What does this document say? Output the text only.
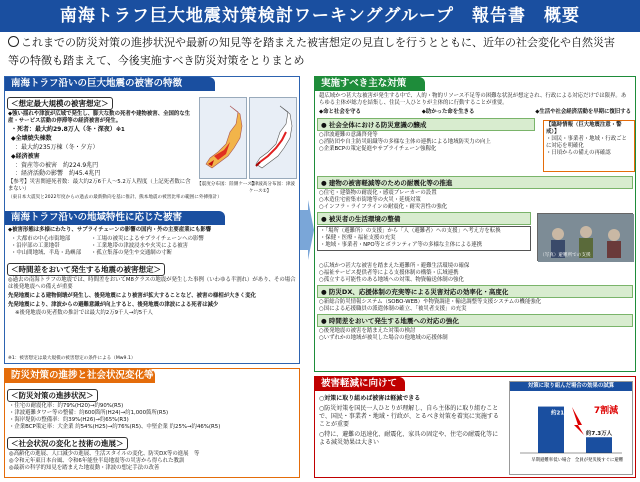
南海トラフ巨大地震対策検討ワーキンググループ　報告書　概要
これまでの防災対策の進捗状況や最新の知見等を踏まえた被害想定の見直しを行うとともに、近年の社会変化や自然災害
等の特徴も踏まえて、今後実施すべき防災対策をとりまとめ
南海トラフ沿いの巨大地震の被害の特徴
＜想定最大規模の被害想定＞
◆強い揺れや津波が広域で発生し、膨大な数の死者や建物被害、全国的な生産・サービス活動の停滞等の経済被害が発生。
・死者：最大約29.8万人（冬・深夜）※1
◆全壊焼失棟数
：最大約235万棟（冬・夕方）
◆経済被害
：資産等の被害　約224.9兆円
：経済活動の影響　約45.4兆円
【参考】災害関連死者数：最大約2万6千人〜5.2万人程度（上記死者数に含まない）
（東日本大震災と2022年度からの過去の最新動向を基に推計、熊本地震の被害比率の範囲に外挿推計）
【震度分布図：陸側ケース】
【津波高分布図：津波ケース①】
南海トラフ沿いの地域特性に応じた被害
◆被害形態は多様にわたり、サプライチェーンの影響の国内・外の主要産業にも影響
・大都市の中心市街地部
・沿岸部の工業地帯
・中山間地域、半島・島嶼部
・工場の被災によるサプライチェーンへの影響
・工業地帯の津波浸水や火災による被害
・孤立集落の発生や交通網の寸断
＜時間差をおいて発生する地震の被害想定＞
◎過去の南海トラフの地震では、時間差をおいてM8クラスの地震が発生した事例（いわゆる半割れ）があり、その場合は後発地震への備えが重要
先発地震による建物倒壊が発生し、後発地震により被害が拡大することなど、被害の様相が大きく変化
先発地震により、津波からの避難意識が向上すると、後発地震の津波による死者は減少
※後発地震の死者数の推計では最大約2万9千人→約5千人
※1：被害想定は最大規模の被害想定の条件による（Mw9.1）
防災対策の進捗と社会状況変化等
＜防災対策の進捗状況＞
・住宅の耐震化率：約79%(H20)→約90%(R5)
・津波避難タワー等の整備：約600箇所(H24)→約1,000箇所(R5)
・海岸堤防の整備率：約39%(H26)→約65%(R3)
・企業BCP策定率：大企業 約54%(H25)→約76%(R5)、中堅企業 約25%→約46%(R5)
＜社会状況の変化と技術の進展＞
◎高齢化の進展、人口減少の進展、生活スタイルの変化、防災DX等の進展　等
◎令和元年東日本台風、令和6年能登半島地震等の災害から得られた教訓
◎最新の科学的知見を踏まえた地震動・津波の想定手法の改善
実施すべき主な対策
超広域かつ甚大な被害が発生する中で、人的・物的リソース不足等の困難な状況が想定され、行政による対応だけでは限界。あらゆる主体が総力を結集し、住民一人ひとりが主体的に行動することが重要。
◆命と社会を守る	◆助かった命を生きる	◆生活や社会経済活動を早期に復旧する
● 社会全体における防災意識の醸成
○津波避難の意識啓発等
○消防団や自主防災組織等の多様な主体の連携による地域防災力の向上
○企業BCPの策定促進やサプライチェーン強靱化
【臨時情報（巨大地震注意・警戒）】
・国民・事業者・地域・行政ごとに対応を明確化
・日頃からの備えの再確認
● 建物の被害軽減等のための耐震化等の推進
○住宅・建築物の耐震化・感震ブレーカーの設置
○木造住宅密集市街地等の火災・延焼対策
○インフラ・ライフラインの耐震化・耐災害性の強化
● 被災者の生活環境の整備
・「場所（避難所）の支援」から「人（避難者）への支援」へ考え方を転換
・保健・医療・福祉支援の充実
・地域・事業者・NPO等とボランティア等の多様な主体による連携
（写真）避難所での支援
○広域かつ甚大な被害を踏まえた避難所・避難生活環境の確保
○福祉サービス提供者等による支援体制の構築・広域連携
○孤立する可能性のある地域への対策、物資輸送体制の強化
● 防災DX、応援体制の充実等による災害対応の効率化・高度化
○新総合防災情報システム（SOBO-WEB）や物資調達・輸送調整等支援システムの機能強化
○国による応援職員の派遣体制の確立、「被災者支援」の充実
● 時間差をおいて発生する地震への対応の強化
○後発地震の被害を踏まえた対策の検討
○いずれかの地域が被災した場合の他地域の応援体制
被害軽減に向けて
○対策に取り組めば被害は軽減できる
○防災対策を国民一人ひとりが理解し、自ら主体的に取り組むことで、国民・事業者・地域・行政が、とるべき対策を着実に実施することが重要
○特に、避難の迅速化、耐震化、家具の固定や、住宅の耐震化等による減災効果は大きい
対策に取り組んだ場合の効果の試算
約21.5万人
早期避難率低い場合
約7.3万人
全員が発災後すぐに避難
7割減
